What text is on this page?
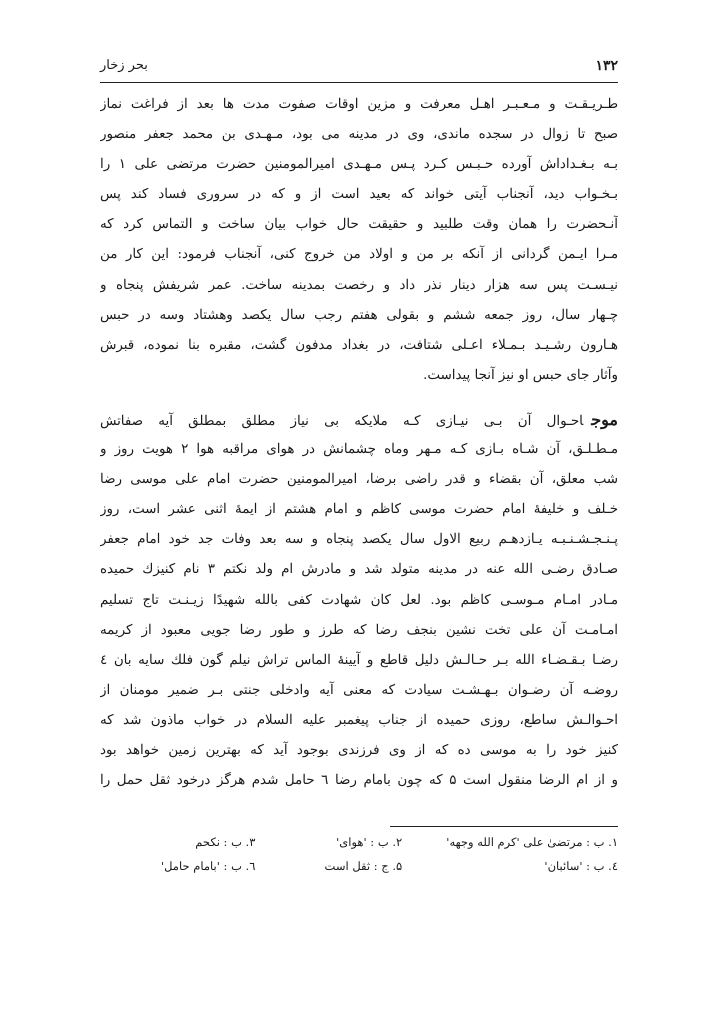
۱۳۲
بحر زخار
طـریـقـت و مـعـبـر اهـل معرفت و مزین اوقات صفوت مدت ها بعد از فراغت نماز
صبح تا زوال در سجده ماندی، وی در مدینه می بود، مـهـدی بن محمد جعفر منصور
بـه بـغـداداش آورده حـبـس کـرد پـس مـهـدی امیرالمومنین حضرت مرتضی علی ۱ را
بـخـواب دید، آنجناب آیتی خواند که بعید است از و که در سروری فساد کند پس
آنـحضرت را همان وقت طلبید و حقیقت حال خواب بیان ساخت و التماس کرد که
مـرا ایـمن گردانی از آنکه بر من و اولاد من خروج کنی، آنجناب فرمود: این کار من
نیـسـت پس سه هزار دینار نذر داد و رخصت بمدینه ساخت. عمر شریفش پنجاه و
چـهار سال، روز جمعه ششم و بقولی هفتم رجب سال یکصد وهشتاد وسه در حبس
هـارون رشـیـد بـمـلاء اعـلی شتافت، در بغداد مدفون گشت، مقبره بنا نموده، قبرش
وآثار جای حبس او نیز آنجا پیداست.
موجاحـوال آن بـی نیـازی کـه ملایکه بی نیاز مطلق بمطلق آیه صفاتش
مـطـلـق، آن شـاه بـازی کـه مـهر وماه چشمانش در هوای مراقبه هوا ۲ هویت روز و
شب معلق، آن بقضاء و قدر راضی برضا، امیرالمومنین حضرت امام علی موسی رضا
خـلف و خلیفهٔ امام حضرت موسی کاظم و امام هشتم از ایمهٔ اثنی عشر است، روز
پـنـجـشـنـبـه یـازدهـم ربیع الاول سال یکصد پنجاه و سه بعد وفات جد خود امام جعفر
صـادق رضـی الله عنه در مدینه متولد شد و مادرش ام ولد نکتم ۳ نام کنیزك حمیده
مـادر امـام مـوسـی کاظم بود. لعل کان شهادت کفی بالله شهیدًا زیـنـت تاج تسلیم
امـامـت آن علی تخت نشین بنجف رضا که طرز و طور رضا جویی معبود از کریمه
رضـا بـقـضـاء الله بـر حـالـش دلیل قاطع و آیینهٔ الماس تراش نیلم گون فلك سایه بان ٤
روضـه آن رضـوان بـهـشـت سیادت که معنی آیه وادخلی جنتی بـر ضمیر مومنان از
احـوالـش ساطع، روزی حمیده از جناب پیغمبر علیه السلام در خواب ماذون شد که
کنیز خود را به موسی ده که از وی فرزندی بوجود آید که بهترین زمین خواهد بود
و از ام الرضا منقول است ۵ که چون بامام رضا ٦ حامل شدم هرگز درخود ثقل حمل را
۱. ب : مرتضیٰ علی 'کرم الله وجهه'
۲. ب : 'هوای'
۳. ب : نکحم
٤. ب : 'سائبان'
۵. ج : ثقل است
٦. ب : 'بامام حامل'
